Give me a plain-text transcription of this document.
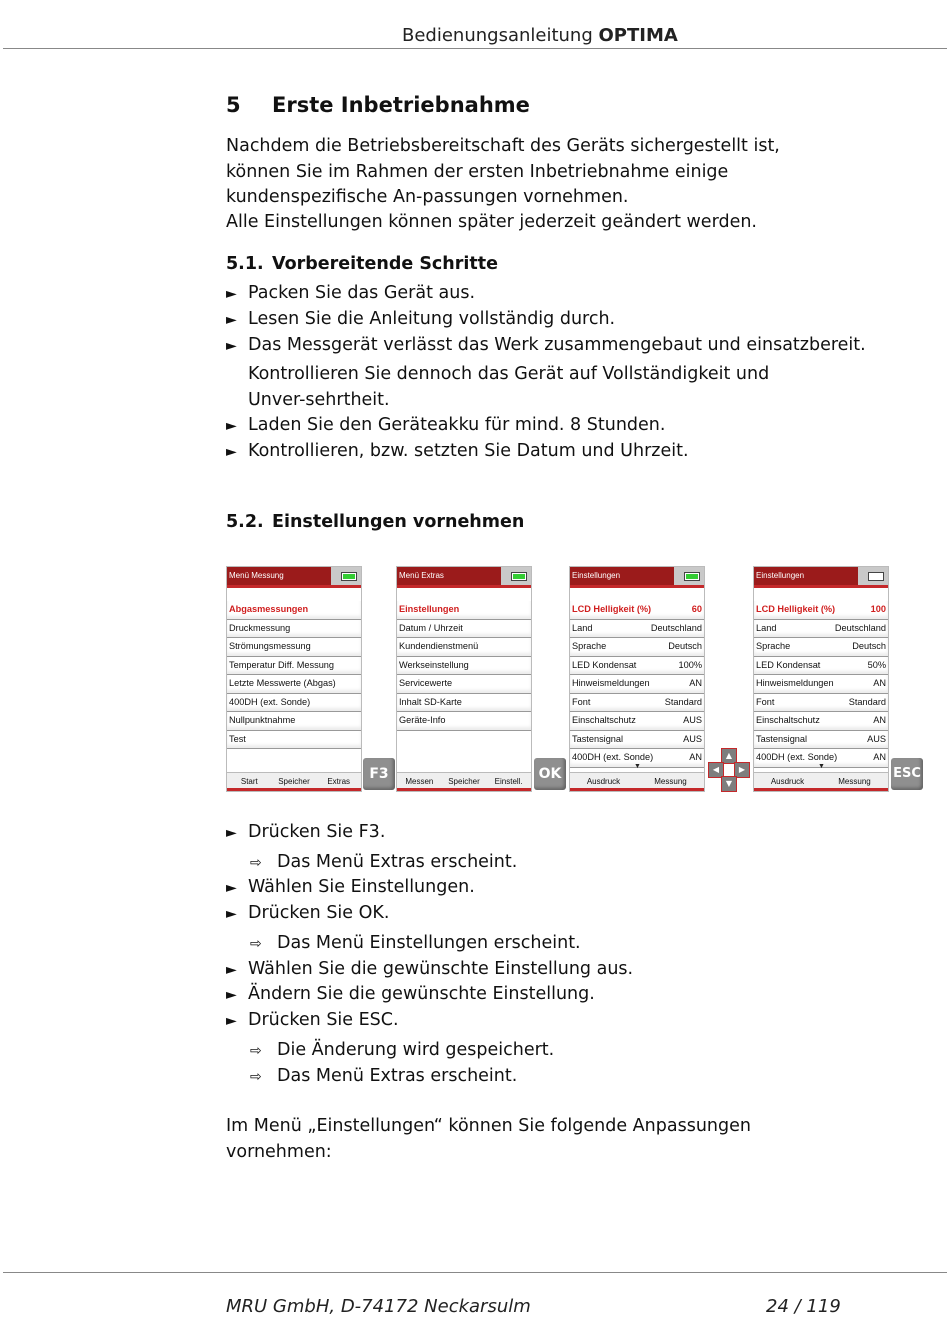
Bedienungsanleitung OPTIMA
5 Erste Inbetriebnahme
Nachdem die Betriebsbereitschaft des Geräts sichergestellt ist, können Sie im Rahmen der ersten Inbetriebnahme einige kundenspezifische An-passungen vornehmen.
Alle Einstellungen können später jederzeit geändert werden.
5.1. Vorbereitende Schritte
► Packen Sie das Gerät aus.
► Lesen Sie die Anleitung vollständig durch.
► Das Messgerät verlässt das Werk zusammengebaut und einsatzbereit.
Kontrollieren Sie dennoch das Gerät auf Vollständigkeit und Unver-sehrtheit.
► Laden Sie den Geräteakku für mind. 8 Stunden.
► Kontrollieren, bzw. setzten Sie Datum und Uhrzeit.
5.2. Einstellungen vornehmen
Menü Messung
Abgasmessungen
Druckmessung
Strömungsmessung
Temperatur Diff. Messung
Letzte Messwerte (Abgas)
400DH (ext. Sonde)
Nullpunktnahme
Test
Start	Speicher	Extras	F3
Menü Extras
Einstellungen
Datum / Uhrzeit
Kundendienstmenü
Werkseinstellung
Servicewerte
Inhalt SD-Karte
Geräte-Info
Messen	Speicher	Einstell.	OK
Einstellungen
LCD Helligkeit (%)	60
Land	Deutschland
Sprache	Deutsch
LED Kondensat	100%
Hinweismeldungen	AN
Font	Standard
Einschaltschutz	AUS
Tastensignal	AUS
400DH (ext. Sonde)	AN
▼
Ausdruck	Messung
▲
◀	▶
▼
Einstellungen
LCD Helligkeit (%)	100
Land	Deutschland
Sprache	Deutsch
LED Kondensat	50%
Hinweismeldungen	AN
Font	Standard
Einschaltschutz	AN
Tastensignal	AUS
400DH (ext. Sonde)	AN
▼
Ausdruck	Messung
ESC
► Drücken Sie F3.
⇨ Das Menü Extras erscheint.
► Wählen Sie Einstellungen.
► Drücken Sie OK.
⇨ Das Menü Einstellungen erscheint.
► Wählen Sie die gewünschte Einstellung aus.
► Ändern Sie die gewünschte Einstellung.
► Drücken Sie ESC.
⇨ Die Änderung wird gespeichert.
⇨ Das Menü Extras erscheint.
Im Menü „Einstellungen“ können Sie folgende Anpassungen vornehmen:
MRU GmbH, D-74172 Neckarsulm	24 / 119
